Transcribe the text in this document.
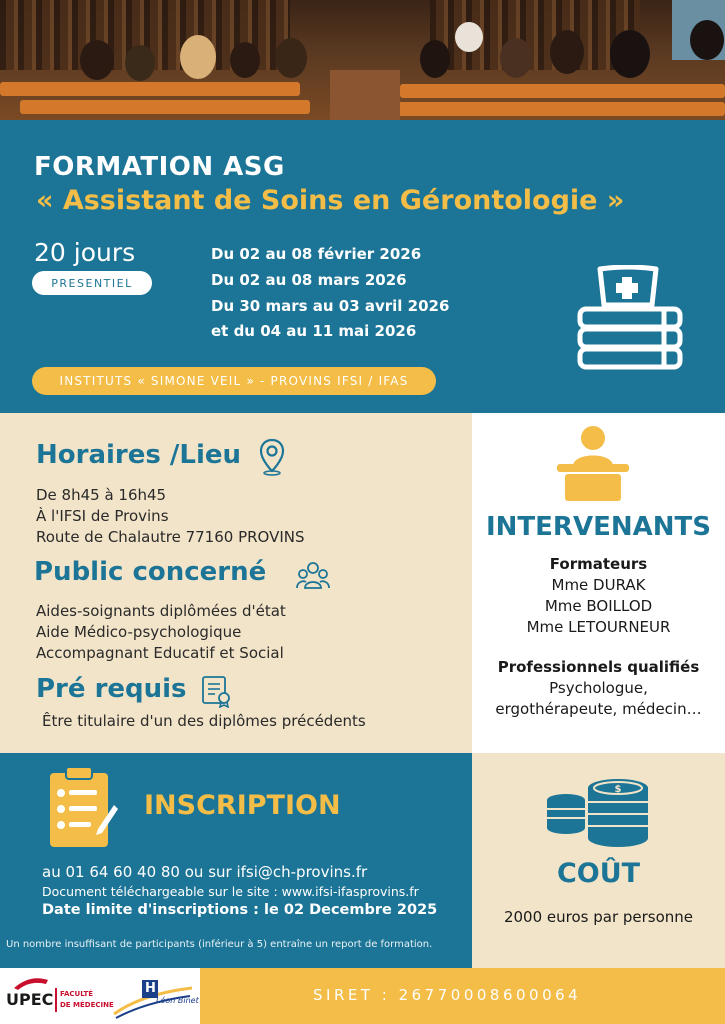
FORMATION ASG
« Assistant de Soins en Gérontologie »
20 jours
PRESENTIEL
Du 02 au 08 février 2026
Du 02 au 08 mars 2026
Du 30 mars au 03 avril 2026
et du 04 au 11 mai 2026
INSTITUTS « SIMONE VEIL » - PROVINS IFSI / IFAS
Horaires /Lieu
De 8h45 à 16h45
À l'IFSI de Provins
Route de Chalautre 77160 PROVINS
Public concerné
Aides-soignants diplômées d'état
Aide Médico-psychologique
Accompagnant Educatif et Social
Pré requis
Être titulaire d'un des diplômes précédents
INTERVENANTS
Formateurs
Mme DURAK
Mme BOILLOD
Mme LETOURNEUR
Professionnels qualifiés
Psychologue,
ergothérapeute, médecin…
INSCRIPTION
au 01 64 60 40 80 ou sur ifsi@ch-provins.fr
Document téléchargeable sur le site : www.ifsi-ifasprovins.fr
Date limite d'inscriptions : le 02 Decembre 2025
Un nombre insuffisant de participants (inférieur à 5) entraîne un report de formation.
$
COÛT
2000 euros par personne
UPEC FACULTÉ
DE MÉDECINE
H
Léon Binet	SIRET : 26770008600064
